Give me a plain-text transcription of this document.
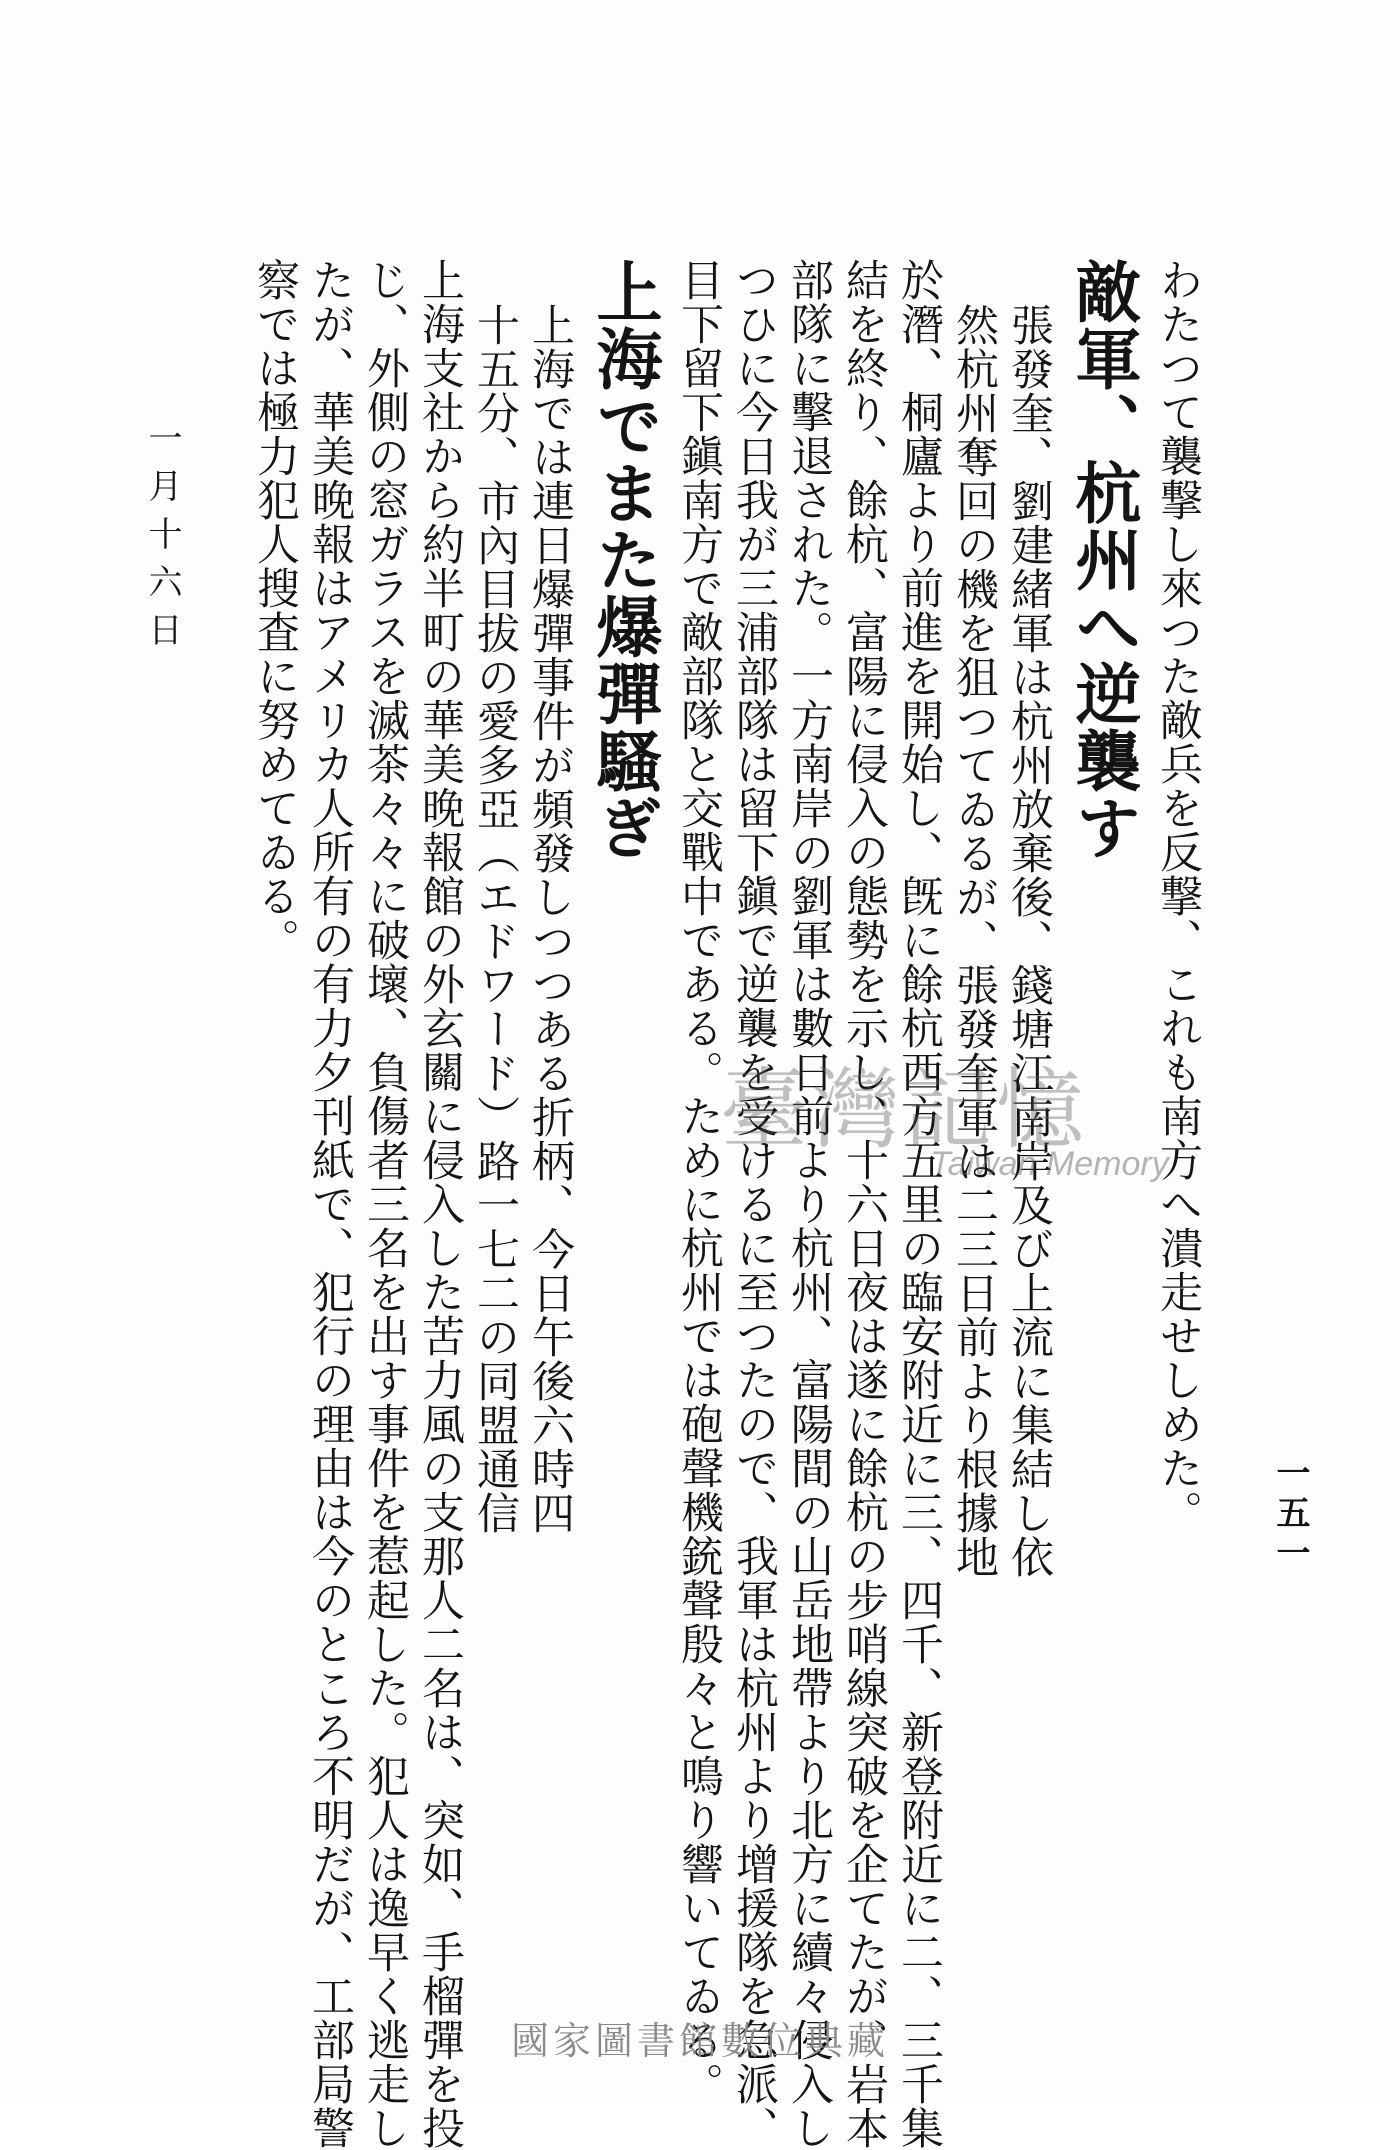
一五一
わたつて襲撃し來つた敵兵を反撃、これも南方へ潰走せしめた。
敵軍、杭州へ逆襲す
張發奎、劉建緒軍は杭州放棄後、錢塘江南岸及び上流に集結し依
然杭州奪回の機を狙つてゐるが、張發奎軍は二三日前より根據地
於潛、桐廬より前進を開始し、旣に餘杭西方五里の臨安附近に三、四千、新登附近に二、三千集
結を終り、餘杭、富陽に侵入の態勢を示し、十六日夜は遂に餘杭の步哨線突破を企てたが、岩本
部隊に擊退された。一方南岸の劉軍は數日前より杭州、富陽間の山岳地帶より北方に續々侵入し
つひに今日我が三浦部隊は留下鎭で逆襲を受けるに至つたので、我軍は杭州より增援隊を急派、
目下留下鎭南方で敵部隊と交戰中である。ために杭州では砲聲機銃聲殷々と鳴り響いてゐる。
上海でまた爆彈騷ぎ
上海では連日爆彈事件が頻發しつつある折柄、今日午後六時四
十五分、市內目拔の愛多亞（エドワード）路一七二の同盟通信
上海支社から約半町の華美晚報館の外玄關に侵入した苦力風の支那人二名は、突如、手榴彈を投
じ、外側の窓ガラスを滅茶々々に破壞、負傷者三名を出す事件を惹起した。犯人は逸早く逃走し
たが、華美晚報はアメリカ人所有の有力夕刊紙で、犯行の理由は今のところ不明だが、工部局警
察では極力犯人搜査に努めてゐる。
一月十六日
臺灣記憶
Taiwan Memory
國家圖書館數位典藏
